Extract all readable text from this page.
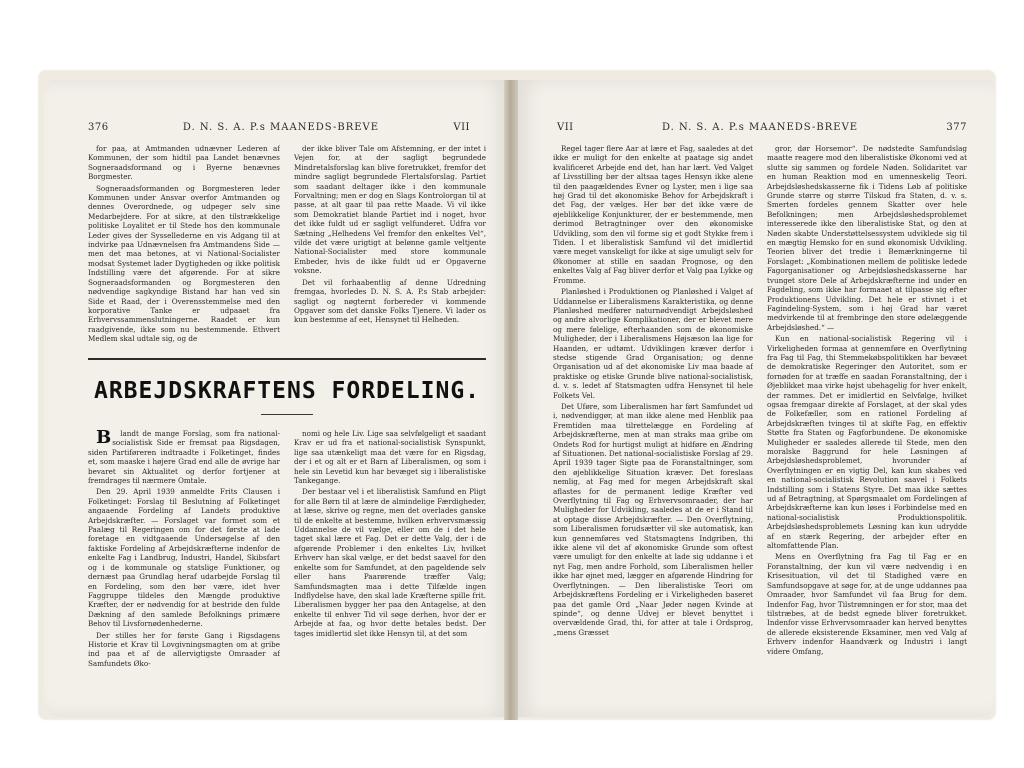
376	D. N. S. A. P.s MAANEDS-BREVE	VII

for paa, at Amtmanden udnævner Lederen af Kommunen, der som hidtil paa Landet benævnes Sogneraadsformand og i Byerne benævnes Borgmester.

Sogneraadsformanden og Borgmesteren leder Kommunen under Ansvar overfor Amtmanden og dennes Overordnede, og udpeger selv sine Medarbejdere. For at sikre, at den tilstrækkelige politiske Loyalitet er til Stede hos den kommunale Leder gives der Syssellederne en vis Adgang til at indvirke paa Udnævnelsen fra Amtmandens Side — men det maa betones, at vi National-Socialister modsat Systemet lader Dygtigheden og ikke politisk Indstilling være det afgørende. For at sikre Sogneraadsformanden og Borgmesteren den nødvendige sagkyndige Bistand har han ved sin Side et Raad, der i Overensstemmelse med den korporative Tanke er udpaaet fra Erhvervssammenslutningerne. Raadet er kun raadgivende, ikke som nu bestemmende. Ethvert Medlem skal udtale sig, og de

der ikke bliver Tale om Afstemning, er der intet i Vejen for, at der sagligt begrundede Mindretalsforslag kan blive foretrukket, fremfor det mindre sagligt begrundede Flertalsforslag. Partiet som saadant deltager ikke i den kommunale Forvaltning; men er dog en Slags Kontrolorgan til at passe, at alt gaar til paa rette Maade. Vi vil ikke som Demokratiet blande Partiet ind i noget, hvor det ikke fuldt ud er sagligt velfunderet. Udfra vor Sætning „Helhedens Vel fremfor den enkeltes Vel“, vilde det være urigtigt at belønne gamle veltjente National-Socialister med store kommunale Embeder, hvis de ikke fuldt ud er Opgaverne voksne.

Det vil forhaabentlig af denne Udredning fremgaa, hvorledes D. N. S. A. P.s Stab arbejder: sagligt og nøgternt forbereder vi kommende Opgaver som det danske Folks Tjenere. Vi lader os kun bestemme af eet, Hensynet til Helheden.

ARBEJDSKRAFTENS FORDELING.

B landt de mange Forslag, som fra national-socialistisk Side er fremsat paa Rigsdagen, siden Partiføreren indtraadte i Folketinget, findes et, som maaske i højere Grad end alle de øvrige har bevaret sin Aktualitet og derfor fortjener at fremdrages til nærmere Omtale.

Den 29. April 1939 anmeldte Frits Clausen i Folketinget: Forslag til Beslutning af Folketinget angaaende Fordeling af Landets produktive Arbejdskræfter. — Forslaget var formet som et Paalæg til Regeringen om for det første at lade foretage en vidtgaaende Undersøgelse af den faktiske Fordeling af Arbejdskræfterne indenfor de enkelte Fag i Landbrug, Industri, Handel, Skibsfart og i de kommunale og statslige Funktioner, og dernæst paa Grundlag heraf udarbejde Forslag til en Fordeling, som den bør være, idet hver Faggruppe tildeles den Mængde produktive Kræfter, der er nødvendig for at bestride den fulde Dækning af den samlede Befolknings primære Behov til Livsfornødenhederne.

Der stilles her for første Gang i Rigsdagens Historie et Krav til Lovgivningsmagten om at gribe ind paa et af de allervigtigste Omraader af Samfundets Øko-

nomi og hele Liv. Lige saa selvfølgeligt et saadant Krav er ud fra et national-socialistisk Synspunkt, lige saa utænkeligt maa det være for en Rigsdag, der i et og alt er et Barn af Liberalismen, og som i hele sin Levetid kun har bevæget sig i liberalistiske Tankegange.

Der bestaar vel i et liberalistisk Samfund en Pligt for alle Børn til at lære de almindelige Færdigheder, at læse, skrive og regne, men det overlades ganske til de enkelte at bestemme, hvilken erhvervsmæssig Uddannelse de vil vælge, eller om de i det hele taget skal lære et Fag. Det er dette Valg, der i de afgørende Problemer i den enkeltes Liv, hvilket Erhverv han skal vælge, er det bedst saavel for den enkelte som for Samfundet, at den pageldende selv eller hans Paarørende træffer Valg; Samfundsmagten maa i dette Tilfælde ingen Indflydelse have, den skal lade Kræfterne spille frit. Liberalismen bygger her paa den Antagelse, at den enkelte til enhver Tid vil søge derhen, hvor der er Arbejde at faa, og hvor dette betales bedst. Der tages imidlertid slet ikke Hensyn til, at det som

VII	D. N. S. A. P.s MAANEDS-BREVE	377

Regel tager flere Aar at lære et Fag, saaledes at det ikke er muligt for den enkelte at paatage sig andet kvalificeret Arbejde end det, han har lært. Ved Valget af Livsstilling bør der altsaa tages Hensyn ikke alene til den paagældendes Evner og Lyster, men i lige saa høj Grad til det økonomiske Behov for Arbejdskraft i det Fag, der vælges. Her bør det ikke være de øjeblikkelige Konjunkturer, der er bestemmende, men derimod Betragtninger over den økonomiske Udvikling, som den vil forme sig et godt Stykke frem i Tiden. I et liberalistisk Samfund vil det imidlertid være meget vanskeligt for ikke at sige umuligt selv for Økonomer at stille en saadan Prognose, og den enkeltes Valg af Fag bliver derfor et Valg paa Lykke og Fromme.

Planløshed i Produktionen og Planløshed i Valget af Uddannelse er Liberalismens Karakteristika, og denne Planløshed medfører naturnødvendigt Arbejdsløshed og andre alvorlige Komplikationer, der er blevet mere og mere følelige, efterhaanden som de økonomiske Muligheder, der i Liberalismens Højsæson laa lige for Haanden, er udtømt. Udviklingen kræver derfor i stedse stigende Grad Organisation; og denne Organisation ud af det økonomiske Liv maa baade af praktiske og etiske Grunde blive national-socialistisk, d. v. s. ledet af Statsmagten udfra Hensynet til hele Folkets Vel.

Det Uføre, som Liberalismen har ført Samfundet ud i, nødvendiggør, at man ikke alene med Henblik paa Fremtiden maa tilrettelægge en Fordeling af Arbejdskræfterne, men at man straks maa gribe om Ondets Rod for hurtigst muligt at hidføre en Ændring af Situationen. Det national-socialistiske Forslag af 29. April 1939 tager Sigte paa de Foranstaltninger, som den øjeblikkelige Situation kræver. Det foreslaas nemlig, at Fag med for megen Arbejdskraft skal aflastes for de permanent ledige Kræfter ved Overflytning til Fag og Erhvervsomraader, der har Muligheder for Udvikling, saaledes at de er i Stand til at optage disse Arbejdskræfter. — Den Overflytning, som Liberalismen forudsætter vil ske automatisk, kan kun gennemføres ved Statsmagtens Indgriben, thi ikke alene vil det af økonomiske Grunde som oftest være umuligt for den enkelte at lade sig uddanne i et nyt Fag, men andre Forhold, som Liberalismen heller ikke har øjnet med, lægger en afgørende Hindring for Overflytningen. — Den liberalistiske Teori om Arbejdskræftens Fordeling er i Virkeligheden baseret paa det gamle Ord „Naar Jøder nøgen Kvinde at spinde“, og denne Udvej er blevet benyttet i overvældende Grad, thi, for atter at tale i Ordsprog, „mens Græsset

gror, dør Horsemor“. De nødstedte Samfundslag maatte reagere mod den liberalistiske Økonomi ved at slutte sig sammen og fordele Nøden. Solidaritet var en human Reaktion mod en umenneskelig Teori. Arbejdsløshedskasserne fik i Tidens Løb af politiske Grunde større og større Tilskud fra Staten, d. v. s. Smerten fordeles gennem Skatter over hele Befolkningen; men Arbejdsløshedsproblemet interesserede ikke den liberalistiske Stat, og den at Nøden skabte Understøttelsessystem udviklede sig til en mægtig Hemsko for en sund økonomisk Udvikling. Teorien bliver det tredie i Bemærkningerne til Forslaget: „Kombinationen mellem de politiske ledede Fagorganisationer og Arbejdsløshedskasserne har tvunget store Dele af Arbejdskræfterne ind under en Fagdeling, som ikke har formaaet at tilpasse sig efter Produktionens Udvikling. Det hele er stivnet i et Fagindeling-System, som i høj Grad har været medvirkende til at frembringe den store ødelæggende Arbejdsløshed.“ —

Kun en national-socialistisk Regering vil i Virkeligheden formaa at gennemføre en Overflytning fra Fag til Fag, thi Stemmekøbspolitikken har bevæet de demokratiske Regeringer den Autoritet, som er fornøden for at træffe en saadan Foranstaltning, der i Øjeblikket maa virke højst ubehagelig for hver enkelt, der rammes. Det er imidlertid en Selvfølge, hvilket ogsaa fremgaar direkte af Forslaget, at der skal ydes de Folkefæller, som en rationel Fordeling af Arbejdskræften tvinges til at skifte Fag, en effektiv Støtte fra Staten og Fagforbundene. De økonomiske Muligheder er saaledes allerede til Stede, men den moralske Baggrund for hele Løsningen af Arbejdsløshedsproblemet, hvorunder af Overflytningen er en vigtig Del, kan kun skabes ved en national-socialistisk Revolution saavel i Folkets Indstilling som i Statens Styre. Det maa ikke sættes ud af Betragtning, at Spørgsmaalet om Fordelingen af Arbejdskræfterne kan kun løses i Forbindelse med en national-socialistisk Produktionspolitik. Arbejdsløshedsproblemets Løsning kan kun udrydde af en stærk Regering, der arbejder efter en altomfattende Plan.

Mens en Overflytning fra Fag til Fag er en Foranstaltning, der kun vil være nødvendig i en Krisesituation, vil det til Stadighed være en Samfundsopgave at søge for, at de unge uddannes paa Omraader, hvor Samfundet vil faa Brug for dem. Indenfor Fag, hvor Tilstrømningen er for stor, maa det tilstræbes, at de bedst egnede bliver foretrukket. Indenfor visse Erhvervsomraader kan herved benyttes de allerede eksisterende Eksaminer, men ved Valg af Erhverv indenfor Haandværk og Industri i langt videre Omfang,
